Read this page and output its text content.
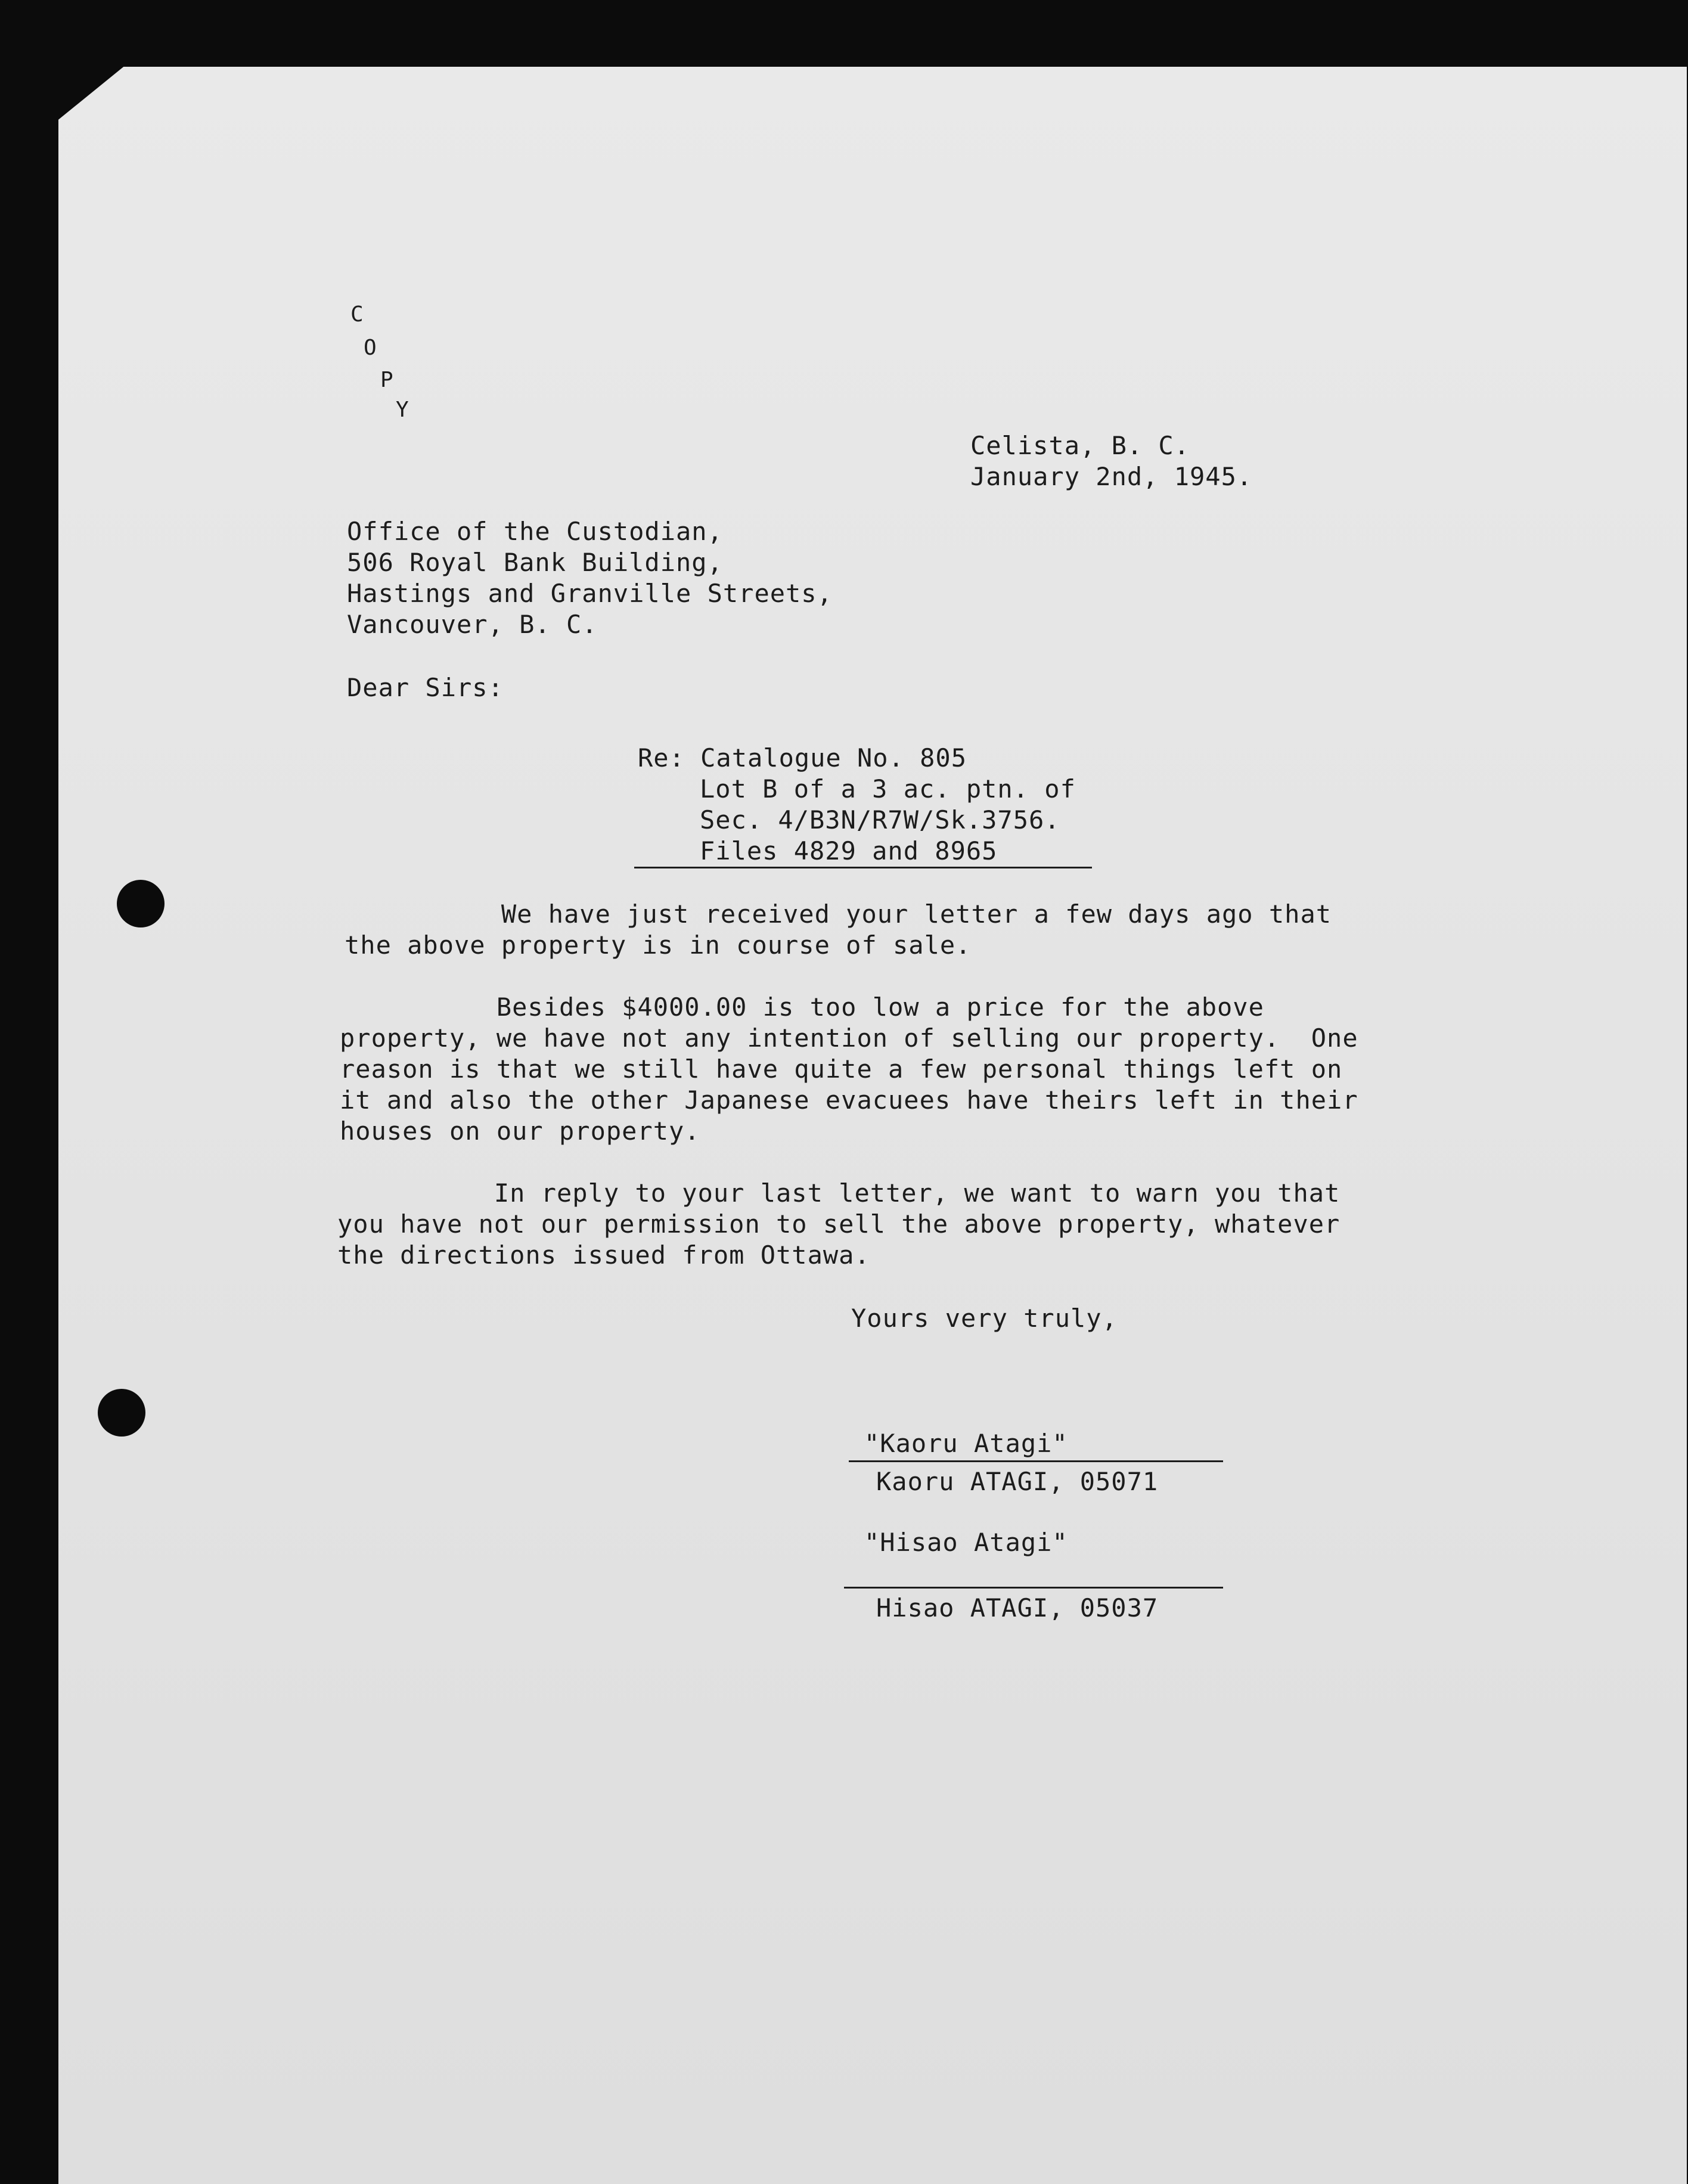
C
O
P
Y
Celista, B. C.
January 2nd, 1945.
Office of the Custodian,
506 Royal Bank Building,
Hastings and Granville Streets,
Vancouver, B. C.
Dear Sirs:
Re: Catalogue No. 805
Lot B of a 3 ac. ptn. of
Sec. 4/B3N/R7W/Sk.3756.
Files 4829 and 8965
We have just received your letter a few days ago that
the above property is in course of sale.
Besides $4000.00 is too low a price for the above
property, we have not any intention of selling our property.  One
reason is that we still have quite a few personal things left on
it and also the other Japanese evacuees have theirs left in their
houses on our property.
In reply to your last letter, we want to warn you that
you have not our permission to sell the above property, whatever
the directions issued from Ottawa.
Yours very truly,
"Kaoru Atagi"
Kaoru ATAGI, 05071
"Hisao Atagi"
Hisao ATAGI, 05037
